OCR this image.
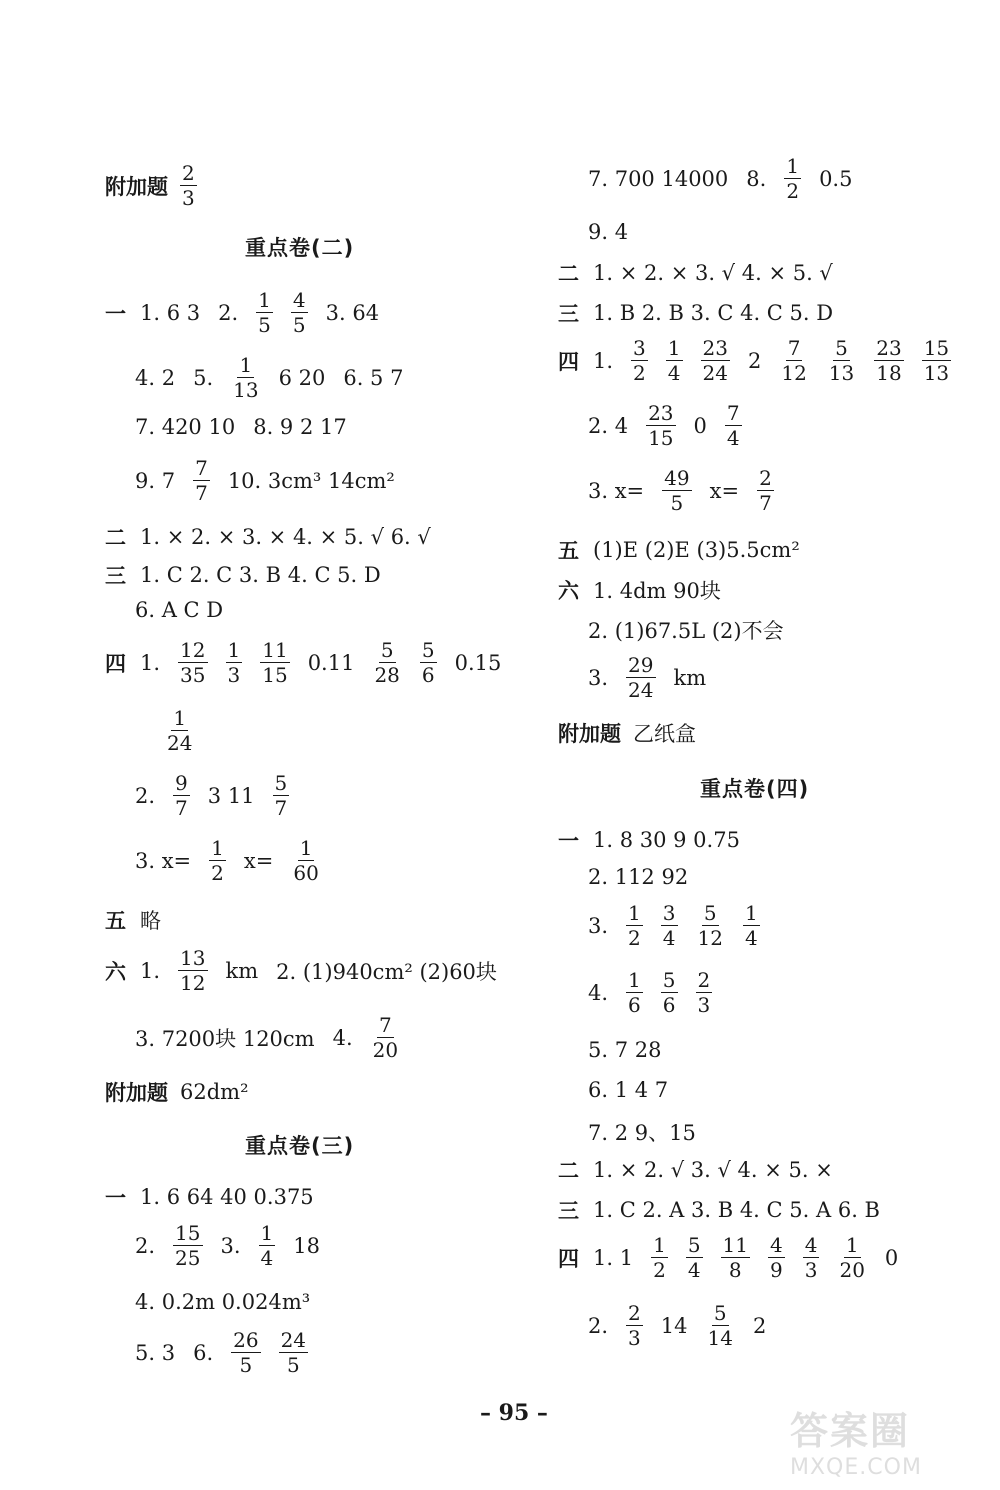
附加题 $\frac{2}{3}$
重点卷(二)
一 1. 6 3 2. $\frac{1}{5} \frac{4}{5} 3$. 64
4. 2 5. $\frac{1}{13} 6$ 20 6. 5 7
7. 420 10 8. 9 2 17
9. $7 \frac{7}{7} 10$. 3cm³ 14cm²
二 1. × 2. × 3. × 4. × 5. √ 6. √
三 1. C 2. C 3. B 4. C 5. D
6. A C D
四 1. $\frac{12}{35} \frac{1}{3} \frac{11}{15} 0.11 \frac{5}{28} \frac{5}{6} 0.15$
$\frac{1}{24}$
2. $\frac{9}{7} 3$ $11 \frac{5}{7}$
3. $x= \frac{1}{2} x= \frac{1}{60}$
五 略
六 1. $\frac{13}{12}$ km 2. (1)940cm² (2)60块
3. 7200块 120cm 4. $\frac{7}{20}$
附加题 62dm²
重点卷(三)
一 1. 6 64 40 0.375
2. $\frac{15}{25} 3$. $\frac{1}{4} 18$
4. 0.2m 0.024m³
5. 3 6. $\frac{26}{5} \frac{24}{5}$
7. 700 14000 8. $\frac{1}{2} 0.5$
9. 4
二 1. × 2. × 3. √ 4. × 5. √
三 1. B 2. B 3. C 4. C 5. D
四 1. $\frac{3}{2} \frac{1}{4} \frac{23}{24} 2 \frac{7}{12} \frac{5}{13} \frac{23}{18} \frac{15}{13}$
2. $4 \frac{23}{15} 0 \frac{7}{4}$
3. $x= \frac{49}{5} x= \frac{2}{7}$
五 (1)E (2)E (3)5.5cm²
六 1. 4dm 90块
2. (1)67.5L (2)不会
3. $\frac{29}{24}$ km
附加题 乙纸盒
重点卷(四)
一 1. 8 30 9 0.75
2. 112 92
3. $\frac{1}{2} \frac{3}{4} \frac{5}{12} \frac{1}{4}$
4. $\frac{1}{6} \frac{5}{6} \frac{2}{3}$
5. 7 28
6. 1 4 7
7. 2 9、15
二 1. × 2. √ 3. √ 4. × 5. ×
三 1. C 2. A 3. B 4. C 5. A 6. B
四 1. $1 \frac{1}{2} \frac{5}{4} \frac{11}{8} \frac{4}{9} \frac{4}{3} \frac{1}{20} 0$
2. $\frac{2}{3} 14 \frac{5}{14} 2$
– 95 –	答案圈
MXQE.COM
